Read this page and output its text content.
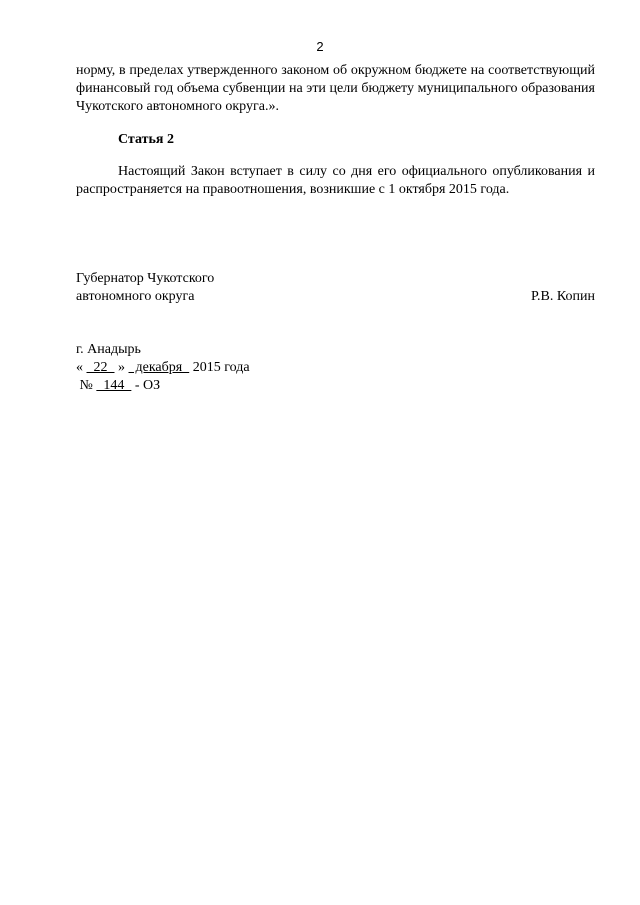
2
норму, в пределах утвержденного законом об окружном бюджете на соответствующий финансовый год объема субвенции на эти цели бюджету муниципального образования Чукотского автономного округа.».
Статья 2
Настоящий Закон вступает в силу со дня его официального опубликования и распространяется на правоотношения, возникшие с 1 октября 2015 года.
Губернатор Чукотского
автономного округа	Р.В. Копин
г. Анадырь
«   22   »   декабря   2015 года
№   144   - ОЗ
